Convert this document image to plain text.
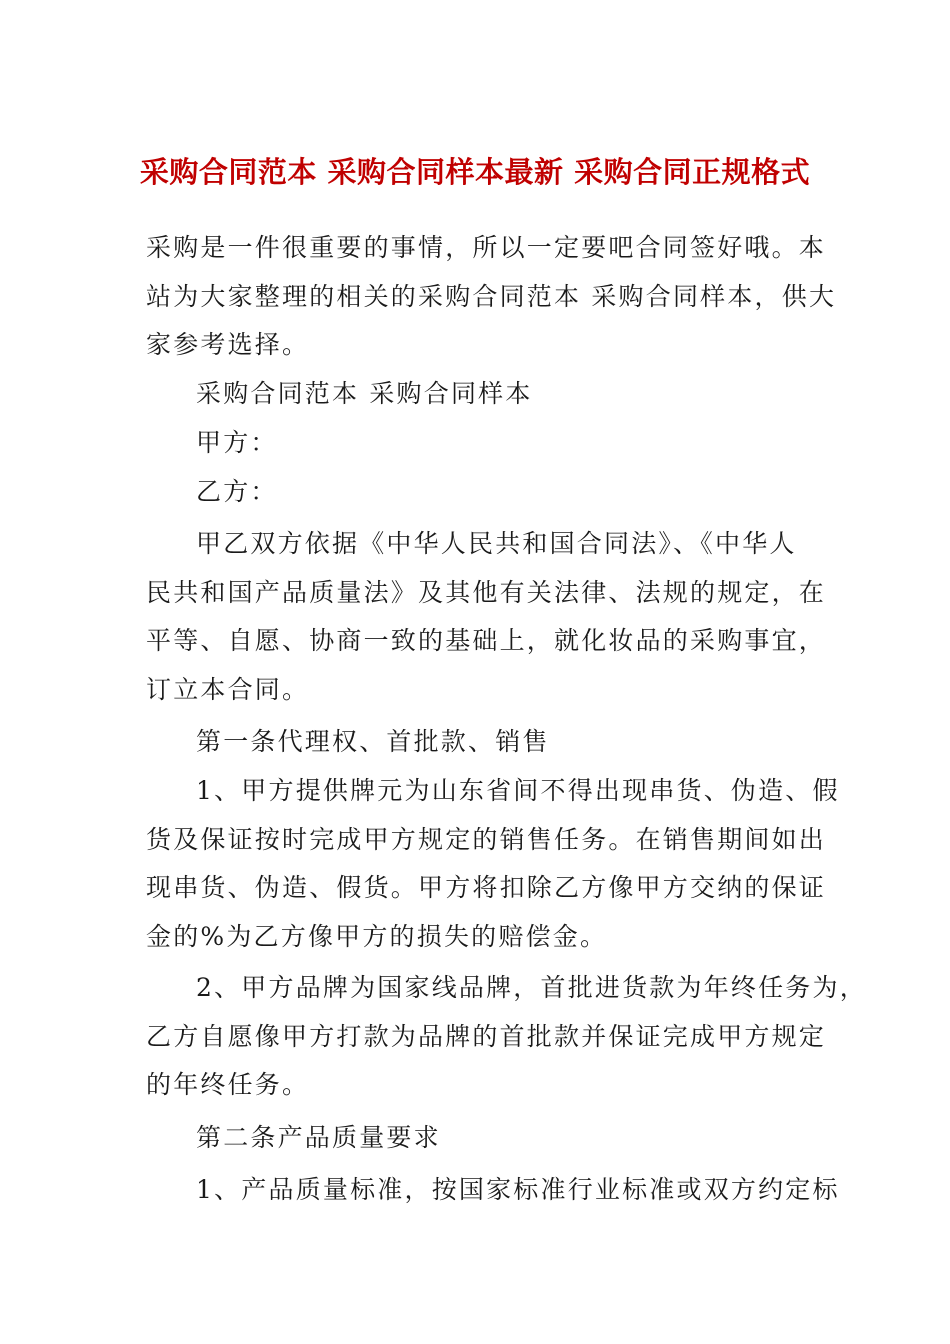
采购合同范本 采购合同样本最新 采购合同正规格式
采购是一件很重要的事情，所以一定要吧合同签好哦。本
站为大家整理的相关的采购合同范本 采购合同样本，供大
家参考选择。
采购合同范本 采购合同样本
甲方：
乙方：
甲乙双方依据《中华人民共和国合同法》、《中华人
民共和国产品质量法》及其他有关法律、法规的规定，在
平等、自愿、协商一致的基础上，就化妆品的采购事宜，
订立本合同。
第一条代理权、首批款、销售
1、甲方提供牌元为山东省间不得出现串货、伪造、假
货及保证按时完成甲方规定的销售任务。在销售期间如出
现串货、伪造、假货。甲方将扣除乙方像甲方交纳的保证
金的%为乙方像甲方的损失的赔偿金。
2、甲方品牌为国家线品牌，首批进货款为年终任务为，
乙方自愿像甲方打款为品牌的首批款并保证完成甲方规定
的年终任务。
第二条产品质量要求
1、产品质量标准，按国家标准行业标准或双方约定标
